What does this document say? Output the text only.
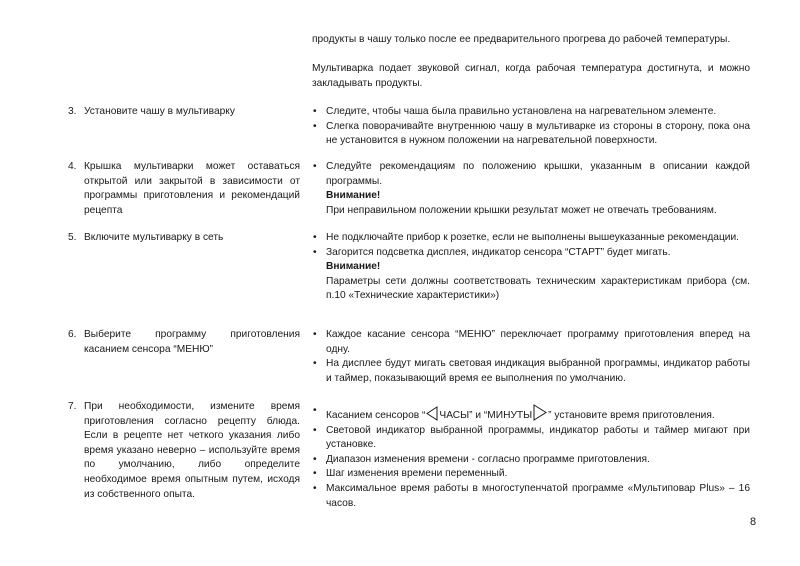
продукты в чашу только после ее предварительного прогрева до рабочей температуры.
Мультиварка подает звуковой сигнал, когда рабочая температура достигнута, и можно закладывать продукты.
3. Установите чашу в мультиварку	• Следите, чтобы чаша была правильно установлена на нагревательном элементе.
• Слегка поворачивайте внутреннюю чашу в мультиварке из стороны в сторону, пока она не установится в нужном положении на нагревательной поверхности.
4. Крышка мультиварки может оставаться открытой или закрытой в зависимости от программы приготовления и рекомендаций рецепта
• Следуйте рекомендациям по положению крышки, указанным в описании каждой программы.
Внимание!
При неправильном положении крышки результат может не отвечать требованиям.
5. Включите мультиварку в сеть	• Не подключайте прибор к розетке, если не выполнены вышеуказанные рекомендации.
• Загорится подсветка дисплея, индикатор сенсора “СТАРТ” будет мигать.
Внимание!
Параметры сети должны соответствовать техническим характеристикам прибора (см. п.10 «Технические характеристики»)
6. Выберите программу приготовления касанием сенсора “МЕНЮ”
• Каждое касание сенсора “МЕНЮ” переключает программу приготовления вперед на одну.
• На дисплее будут мигать световая индикация выбранной программы, индикатор работы и таймер, показывающий время ее выполнения по умолчанию.
7. При необходимости, измените время приготовления согласно рецепту блюда. Если в рецепте нет четкого указания либо время указано неверно – используйте время по умолчанию, либо определите необходимое время опытным путем, исходя из собственного опыта.
• Касанием сенсоров “ ЧАСЫ” и “МИНУТЫ ” установите время приготовления.
• Световой индикатор выбранной программы, индикатор работы и таймер мигают при установке.
• Диапазон изменения времени - согласно программе приготовления.
• Шаг изменения времени переменный.
• Максимальное время работы в многоступенчатой программе «Мультиповар Plus» – 16 часов.
8
